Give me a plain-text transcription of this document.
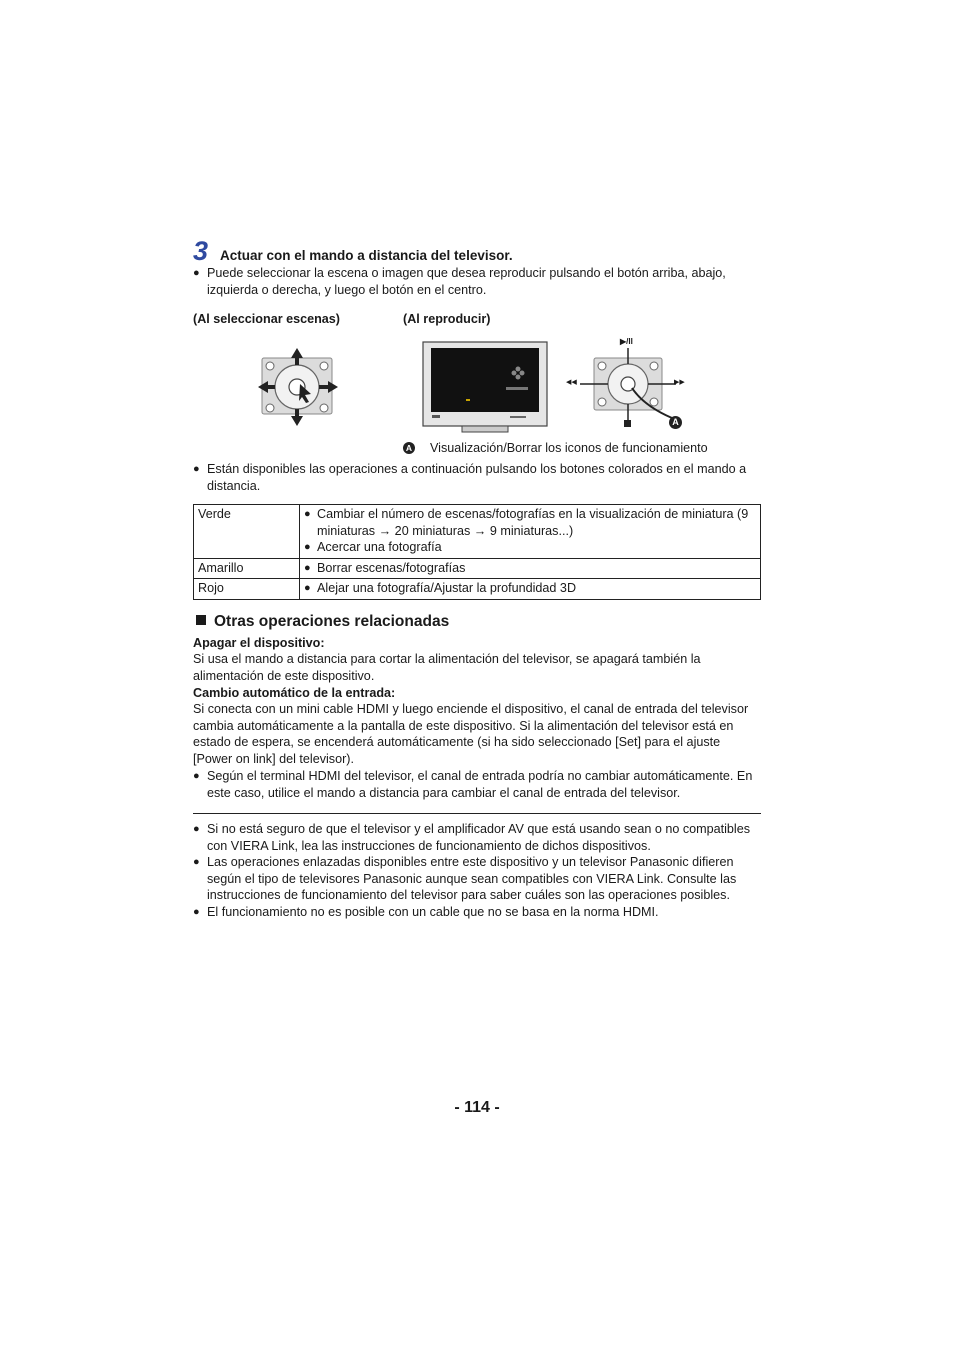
3 Actuar con el mando a distancia del televisor.
● Puede seleccionar la escena o imagen que desea reproducir pulsando el botón arriba, abajo, izquierda o derecha, y luego el botón en el centro.
(Al seleccionar escenas)	(Al reproducir)
▶/II
◀◀	▶▶
A
A Visualización/Borrar los iconos de funcionamiento
● Están disponibles las operaciones a continuación pulsando los botones colorados en el mando a distancia.
Verde	● Cambiar el número de escenas/fotografías en la visualización de miniatura (9 miniaturas → 20 miniaturas → 9 miniaturas...)
● Acercar una fotografía

Amarillo	● Borrar escenas/fotografías

Rojo	● Alejar una fotografía/Ajustar la profundidad 3D
Otras operaciones relacionadas
Apagar el dispositivo:
Si usa el mando a distancia para cortar la alimentación del televisor, se apagará también la alimentación de este dispositivo.
Cambio automático de la entrada:
Si conecta con un mini cable HDMI y luego enciende el dispositivo, el canal de entrada del televisor cambia automáticamente a la pantalla de este dispositivo. Si la alimentación del televisor está en estado de espera, se encenderá automáticamente (si ha sido seleccionado [Set] para el ajuste [Power on link] del televisor).
● Según el terminal HDMI del televisor, el canal de entrada podría no cambiar automáticamente. En este caso, utilice el mando a distancia para cambiar el canal de entrada del televisor.
● Si no está seguro de que el televisor y el amplificador AV que está usando sean o no compatibles con VIERA Link, lea las instrucciones de funcionamiento de dichos dispositivos.
● Las operaciones enlazadas disponibles entre este dispositivo y un televisor Panasonic difieren según el tipo de televisores Panasonic aunque sean compatibles con VIERA Link. Consulte las instrucciones de funcionamiento del televisor para saber cuáles son las operaciones posibles.
● El funcionamiento no es posible con un cable que no se basa en la norma HDMI.
- 114 -
